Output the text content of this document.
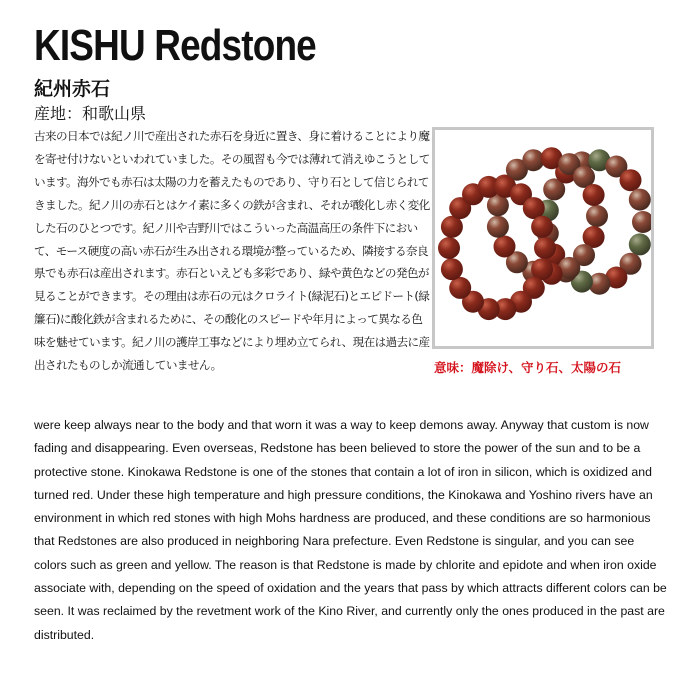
KISHU Redstone
紀州赤石
産地：和歌山県

古来の日本では紀ノ川で産出された赤石を身近に置き、身に着けることにより魔を寄せ付けないといわれていました。その風習も今では薄れて消えゆこうとしています。海外でも赤石は太陽の力を蓄えたものであり、守り石として信じられてきました。紀ノ川の赤石とはケイ素に多くの鉄が含まれ、それが酸化し赤く変化した石のひとつです。紀ノ川や吉野川ではこういった高温高圧の条件下において、モース硬度の高い赤石が生み出される環境が整っているため、隣接する奈良県でも赤石は産出されます。赤石といえども多彩であり、緑や黄色などの発色が見ることができます。その理由は赤石の元はクロライト(緑泥石)とエピドート(緑簾石)に酸化鉄が含まれるために、その酸化のスピードや年月によって異なる色味を魅せています。紀ノ川の護岸工事などにより埋め立てられ、現在は過去に産出されたものしか流通していません。	意味：魔除け、守り石、太陽の石

were keep always near to the body and that worn it was a way to keep demons away. Anyway that custom is now fading and disappearing. Even overseas, Redstone has been believed to store the power of the sun and to be a protective stone. Kinokawa Redstone is one of the stones that contain a lot of iron in silicon, which is oxidized and turned red. Under these high temperature and high pressure conditions, the Kinokawa and Yoshino rivers have an environment in which red stones with high Mohs hardness are produced, and these conditions are so harmonious that Redstones are also produced in neighboring Nara prefecture. Even Redstone is singular, and you can see colors such as green and yellow. The reason is that Redstone is made by chlorite and epidote and when iron oxide associate with, depending on the speed of oxidation and the years that pass by which attracts different colors can be seen. It was reclaimed by the revetment work of the Kino River, and currently only the ones produced in the past are distributed.
